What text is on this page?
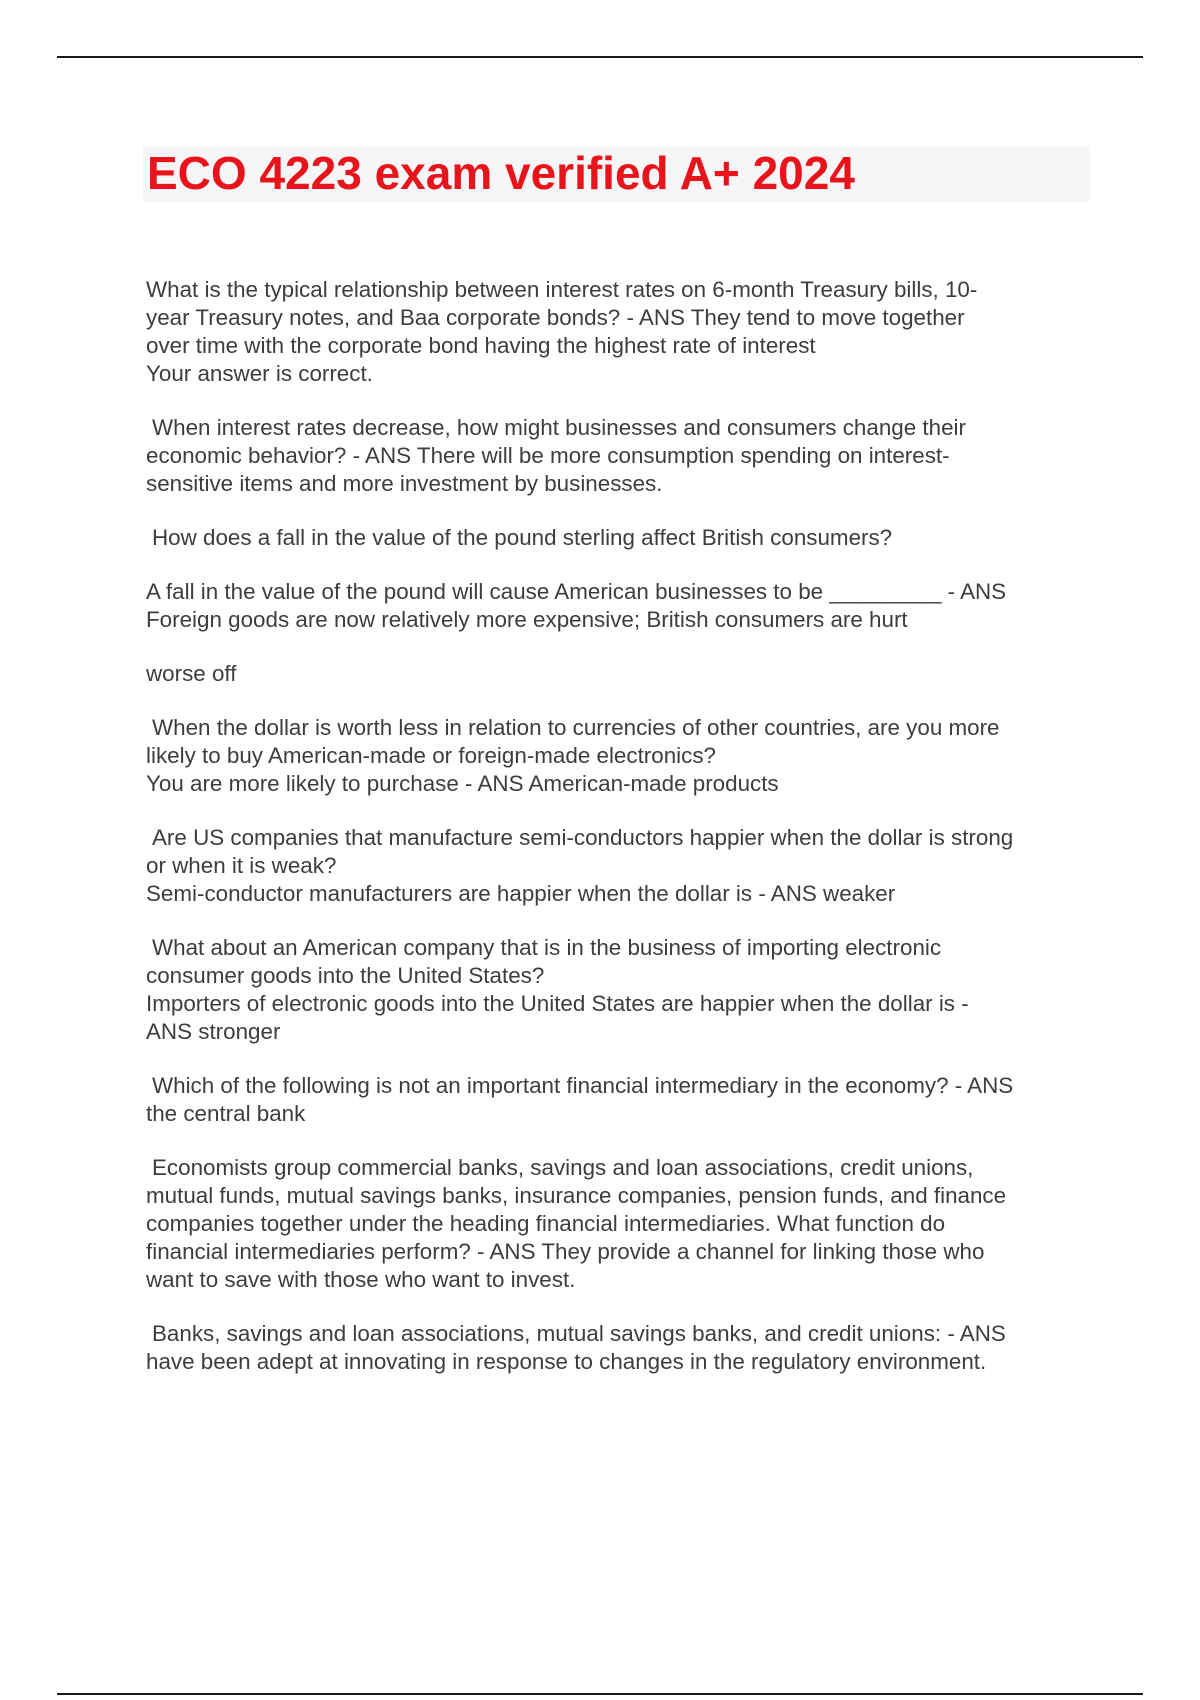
ECO 4223 exam verified A+ 2024
What is the typical relationship between interest rates on 6-month Treasury bills, 10-
year Treasury notes, and Baa corporate bonds? - ANS They tend to move together
over time with the corporate bond having the highest rate of interest
Your answer is correct.
When interest rates decrease, how might businesses and consumers change their
economic behavior? - ANS There will be more consumption spending on interest-
sensitive items and more investment by businesses.
How does a fall in the value of the pound sterling affect British consumers?
A fall in the value of the pound will cause American businesses to be _________ - ANS
Foreign goods are now relatively more expensive; British consumers are hurt
worse off
When the dollar is worth less in relation to currencies of other countries, are you more
likely to buy American-made or foreign-made electronics?
You are more likely to purchase - ANS American-made products
Are US companies that manufacture semi-conductors happier when the dollar is strong
or when it is weak?
Semi-conductor manufacturers are happier when the dollar is - ANS weaker
What about an American company that is in the business of importing electronic
consumer goods into the United States?
Importers of electronic goods into the United States are happier when the dollar is -
ANS stronger
Which of the following is not an important financial intermediary in the economy? - ANS
the central bank
Economists group commercial banks, savings and loan associations, credit unions,
mutual funds, mutual savings banks, insurance companies, pension funds, and finance
companies together under the heading financial intermediaries. What function do
financial intermediaries perform? - ANS They provide a channel for linking those who
want to save with those who want to invest.
Banks, savings and loan associations, mutual savings banks, and credit unions: - ANS
have been adept at innovating in response to changes in the regulatory environment.
